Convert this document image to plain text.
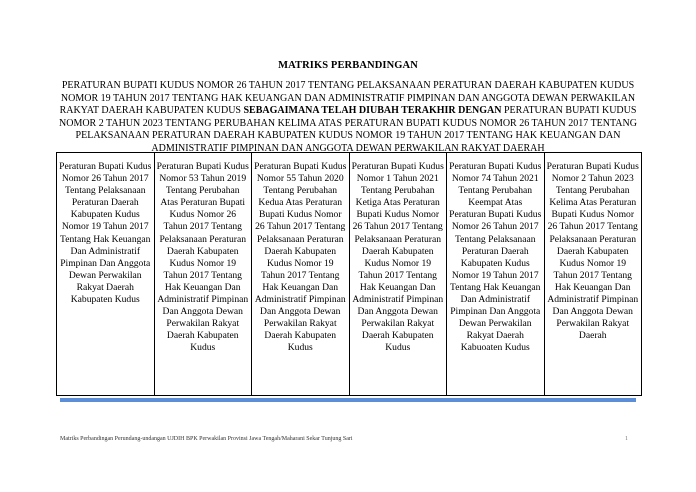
MATRIKS PERBANDINGAN
PERATURAN BUPATI KUDUS NOMOR 26 TAHUN 2017 TENTANG PELAKSANAAN PERATURAN DAERAH KABUPATEN KUDUS NOMOR 19 TAHUN 2017 TENTANG HAK KEUANGAN DAN ADMINISTRATIF PIMPINAN DAN ANGGOTA DEWAN PERWAKILAN RAKYAT DAERAH KABUPATEN KUDUS SEBAGAIMANA TELAH DIUBAH TERAKHIR DENGAN PERATURAN BUPATI KUDUS NOMOR 2 TAHUN 2023 TENTANG PERUBAHAN KELIMA ATAS PERATURAN BUPATI KUDUS NOMOR 26 TAHUN 2017 TENTANG PELAKSANAAN PERATURAN DAERAH KABUPATEN KUDUS NOMOR 19 TAHUN 2017 TENTANG HAK KEUANGAN DAN ADMINISTRATIF PIMPINAN DAN ANGGOTA DEWAN PERWAKILAN RAKYAT DAERAH
Peraturan Bupati Kudus Nomor 26 Tahun 2017 Tentang Pelaksanaan Peraturan Daerah Kabupaten Kudus Nomor 19 Tahun 2017 Tentang Hak Keuangan Dan Administratif Pimpinan Dan Anggota Dewan Perwakilan Rakyat Daerah Kabupaten Kudus	Peraturan Bupati Kudus Nomor 53 Tahun 2019 Tentang Perubahan Atas Peraturan Bupati Kudus Nomor 26 Tahun 2017 Tentang Pelaksanaan Peraturan Daerah Kabupaten Kudus Nomor 19 Tahun 2017 Tentang Hak Keuangan Dan Administratif Pimpinan Dan Anggota Dewan Perwakilan Rakyat Daerah Kabupaten Kudus	Peraturan Bupati Kudus Nomor 55 Tahun 2020 Tentang Perubahan Kedua Atas Peraturan Bupati Kudus Nomor 26 Tahun 2017 Tentang Pelaksanaan Peraturan Daerah Kabupaten Kudus Nomor 19 Tahun 2017 Tentang Hak Keuangan Dan Administratif Pimpinan Dan Anggota Dewan Perwakilan Rakyat Daerah Kabupaten Kudus	Peraturan Bupati Kudus Nomor 1 Tahun 2021 Tentang Perubahan Ketiga Atas Peraturan Bupati Kudus Nomor 26 Tahun 2017 Tentang Pelaksanaan Peraturan Daerah Kabupaten Kudus Nomor 19 Tahun 2017 Tentang Hak Keuangan Dan Administratif Pimpinan Dan Anggota Dewan Perwakilan Rakyat Daerah Kabupaten Kudus	Peraturan Bupati Kudus Nomor 74 Tahun 2021 Tentang Perubahan Keempat Atas Peraturan Bupati Kudus Nomor 26 Tahun 2017 Tentang Pelaksanaan Peraturan Daerah Kabupaten Kudus Nomor 19 Tahun 2017 Tentang Hak Keuangan Dan Administratif Pimpinan Dan Anggota Dewan Perwakilan Rakyat Daerah Kabuoaten Kudus	Peraturan Bupati Kudus Nomor 2 Tahun 2023 Tentang Perubahan Kelima Atas Peraturan Bupati Kudus Nomor 26 Tahun 2017 Tentang Pelaksanaan Peraturan Daerah Kabupaten Kudus Nomor 19 Tahun 2017 Tentang Hak Keuangan Dan Administratif Pimpinan Dan Anggota Dewan Perwakilan Rakyat Daerah
Matriks Perbandingan Perundang-undangan UJDIH BPK Perwakilan Provinsi Jawa Tengah/Maharani Sekar Tunjung Sari	1
